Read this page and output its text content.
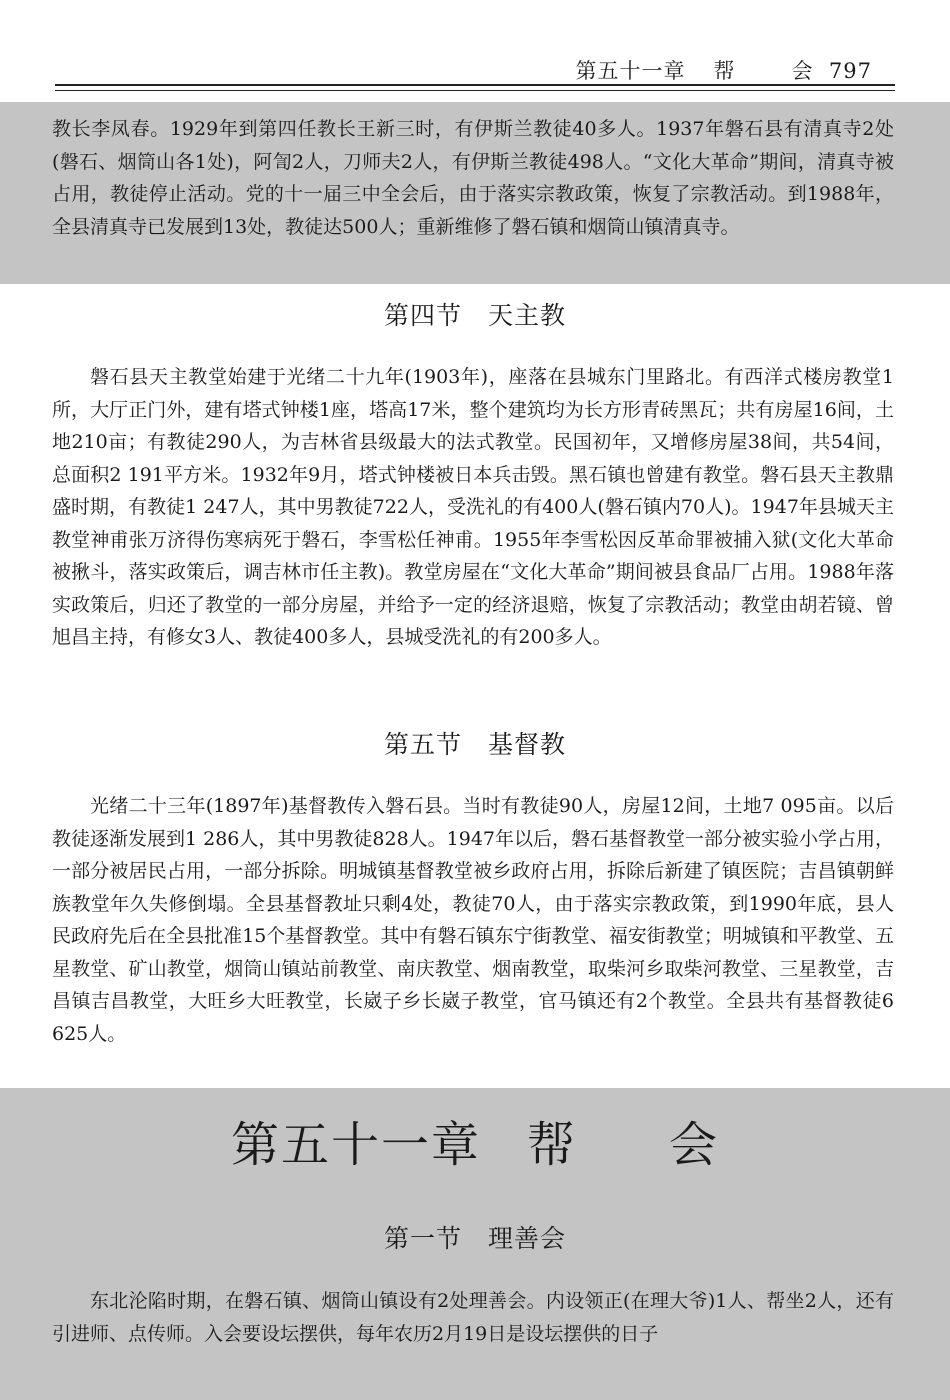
第五十一章 帮	会 797

教长李凤春。1929年到第四任教长王新三时，有伊斯兰教徒40多人。1937年磐石县有清真寺2处(磐石、烟筒山各1处)，阿訇2人，刀师夫2人，有伊斯兰教徒498人。“文化大革命”期间，清真寺被占用，教徒停止活动。党的十一届三中全会后，由于落实宗教政策，恢复了宗教活动。到1988年，全县清真寺已发展到13处，教徒达500人；重新维修了磐石镇和烟筒山镇清真寺。

第四节 天主教

磐石县天主教堂始建于光绪二十九年(1903年)，座落在县城东门里路北。有西洋式楼房教堂1所，大厅正门外，建有塔式钟楼1座，塔高17米，整个建筑均为长方形青砖黑瓦；共有房屋16间，土地210亩；有教徒290人，为吉林省县级最大的法式教堂。民国初年，又增修房屋38间，共54间，总面积2 191平方米。1932年9月，塔式钟楼被日本兵击毁。黑石镇也曾建有教堂。磐石县天主教鼎盛时期，有教徒1 247人，其中男教徒722人，受洗礼的有400人(磐石镇内70人)。1947年县城天主教堂神甫张万济得伤寒病死于磐石，李雪松任神甫。1955年李雪松因反革命罪被捕入狱(文化大革命被揪斗，落实政策后，调吉林市任主教)。教堂房屋在“文化大革命”期间被县食品厂占用。1988年落实政策后，归还了教堂的一部分房屋，并给予一定的经济退赔，恢复了宗教活动；教堂由胡若镜、曾旭昌主持，有修女3人、教徒400多人，县城受洗礼的有200多人。

第五节 基督教

光绪二十三年(1897年)基督教传入磐石县。当时有教徒90人，房屋12间，土地7 095亩。以后教徒逐渐发展到1 286人，其中男教徒828人。1947年以后，磐石基督教堂一部分被实验小学占用，一部分被居民占用，一部分拆除。明城镇基督教堂被乡政府占用，拆除后新建了镇医院；吉昌镇朝鲜族教堂年久失修倒塌。全县基督教址只剩4处，教徒70人，由于落实宗教政策，到1990年底，县人民政府先后在全县批准15个基督教堂。其中有磐石镇东宁街教堂、福安街教堂；明城镇和平教堂、五星教堂、矿山教堂，烟筒山镇站前教堂、南庆教堂、烟南教堂，取柴河乡取柴河教堂、三星教堂，吉昌镇吉昌教堂，大旺乡大旺教堂，长崴子乡长崴子教堂，官马镇还有2个教堂。全县共有基督教徒6 625人。

第五十一章 帮 会
第一节 理善会

东北沦陷时期，在磐石镇、烟筒山镇设有2处理善会。内设领正(在理大爷)1人、帮坐2人，还有引进师、点传师。入会要设坛摆供，每年农历2月19日是设坛摆供的日子
